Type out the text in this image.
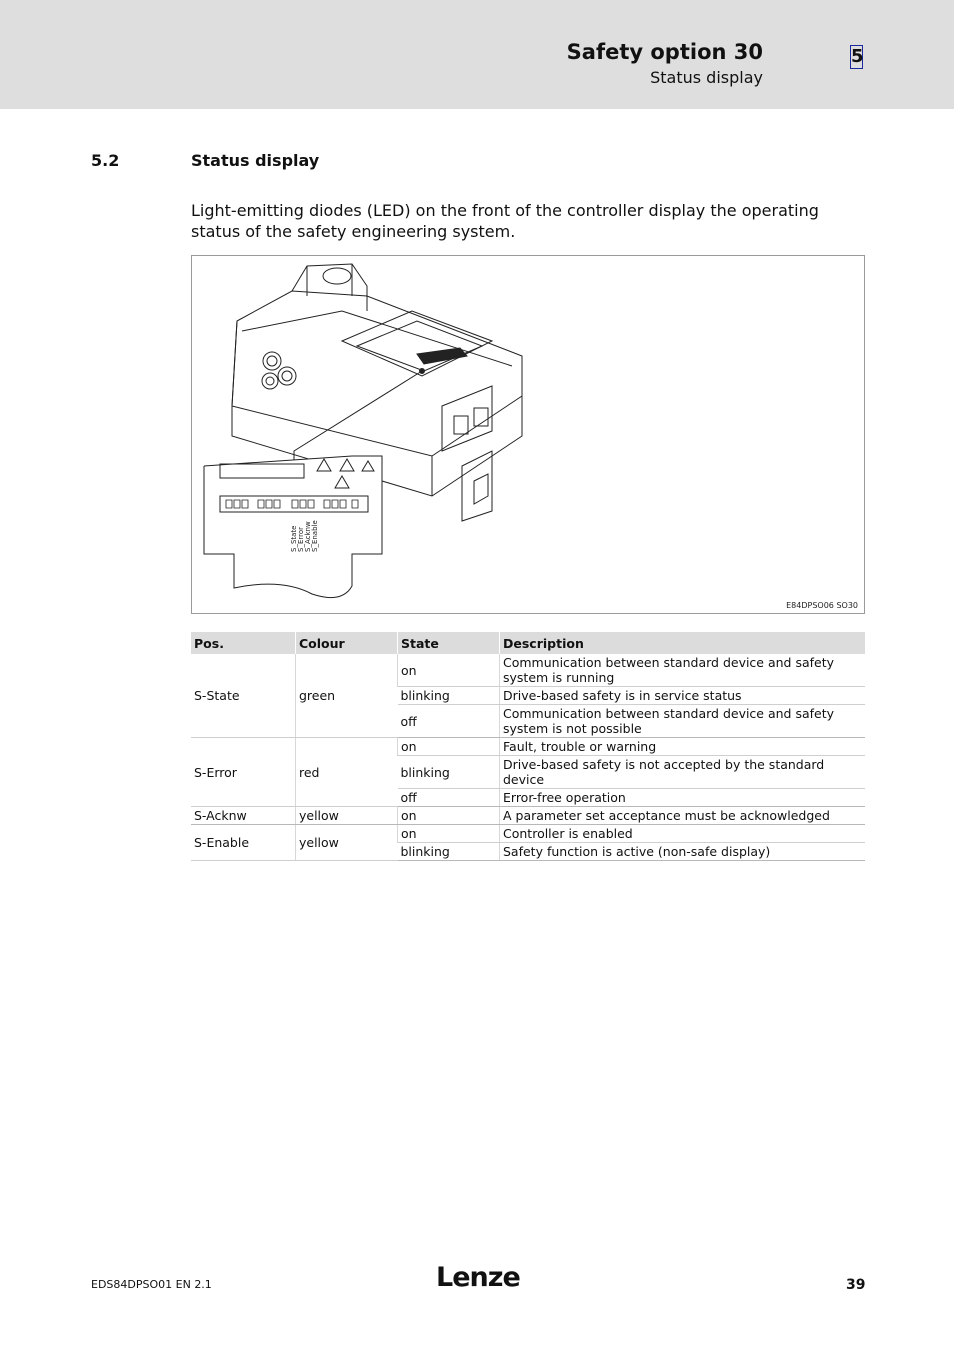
Safety option 30
Status display
5
5.2	Status display
Light-emitting diodes (LED) on the front of the controller display the operating status of the safety engineering system.
S_State S_Error S_Acknw S_Enable
E84DPSO06 SO30
Pos.	Colour	State	Description
S-State	green	on	Communication between standard device and safety system is running
		blinking	Drive-based safety is in service status
		off	Communication between standard device and safety system is not possible
S-Error	red	on	Fault, trouble or warning
		blinking	Drive-based safety is not accepted by the standard device
		off	Error-free operation
S-Acknw	yellow	on	A parameter set acceptance must be acknowledged
S-Enable	yellow	on	Controller is enabled
		blinking	Safety function is active (non-safe display)
EDS84DPSO01 EN 2.1	Lenze	39
